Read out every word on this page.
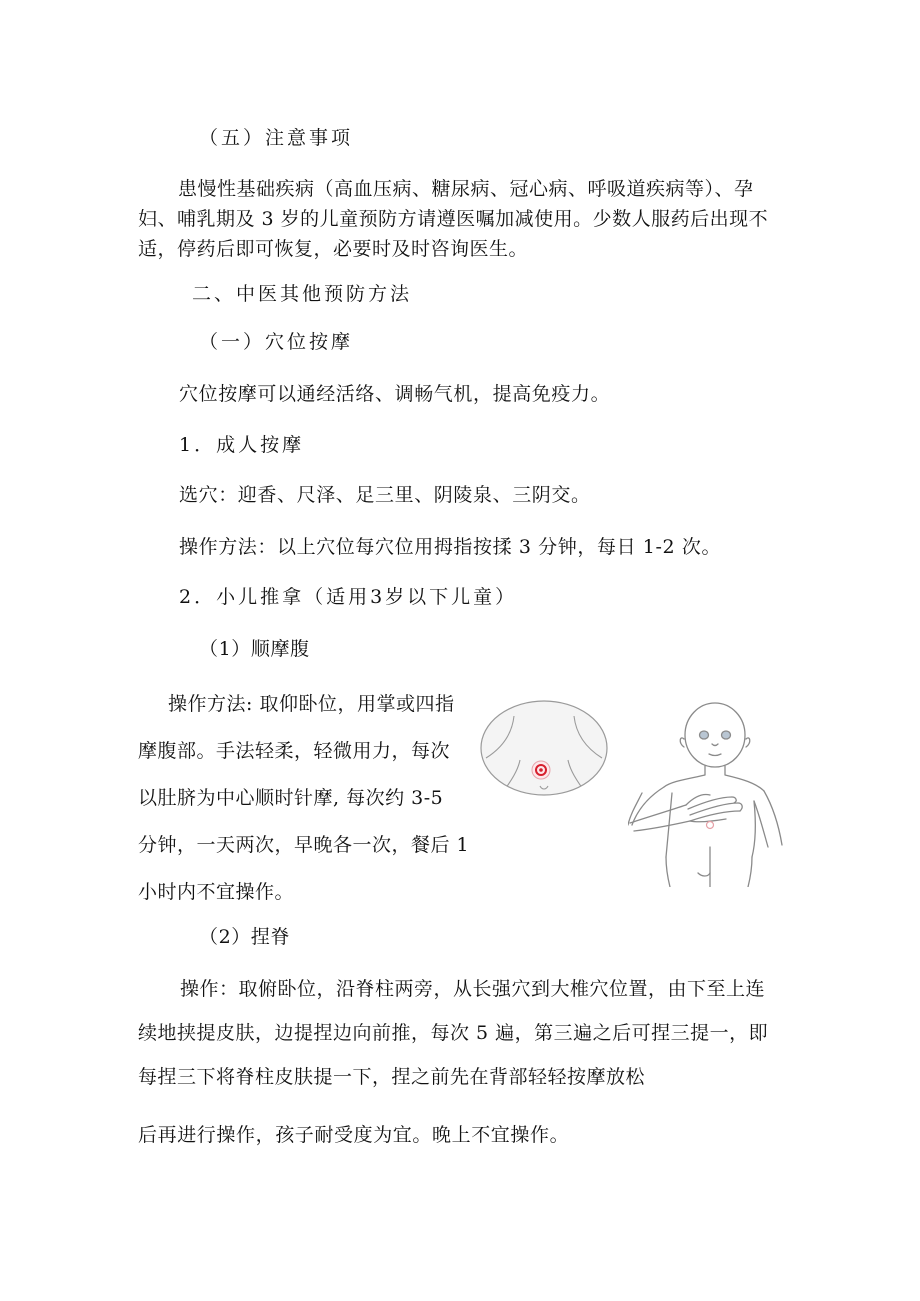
（五）注意事项
患慢性基础疾病（高血压病、糖尿病、冠心病、呼吸道疾病等）、孕
妇、哺乳期及 3 岁的儿童预防方请遵医嘱加减使用。少数人服药后出现不
适，停药后即可恢复，必要时及时咨询医生。
二、中医其他预防方法
（一）穴位按摩
穴位按摩可以通经活络、调畅气机，提高免疫力。
1．成人按摩
选穴：迎香、尺泽、足三里、阴陵泉、三阴交。
操作方法：以上穴位每穴位用拇指按揉 3 分钟，每日 1-2 次。
2．小儿推拿（适用3岁以下儿童）
（1）顺摩腹
操作方法: 取仰卧位，用掌或四指
摩腹部。手法轻柔，轻微用力，每次
以肚脐为中心顺时针摩, 每次约 3-5
分钟，一天两次，早晚各一次，餐后 1
小时内不宜操作。
（2）捏脊
操作：取俯卧位，沿脊柱两旁，从长强穴到大椎穴位置，由下至上连
续地挟提皮肤，边提捏边向前推，每次 5 遍，第三遍之后可捏三提一，即
每捏三下将脊柱皮肤提一下，捏之前先在背部轻轻按摩放松
后再进行操作，孩子耐受度为宜。晚上不宜操作。
